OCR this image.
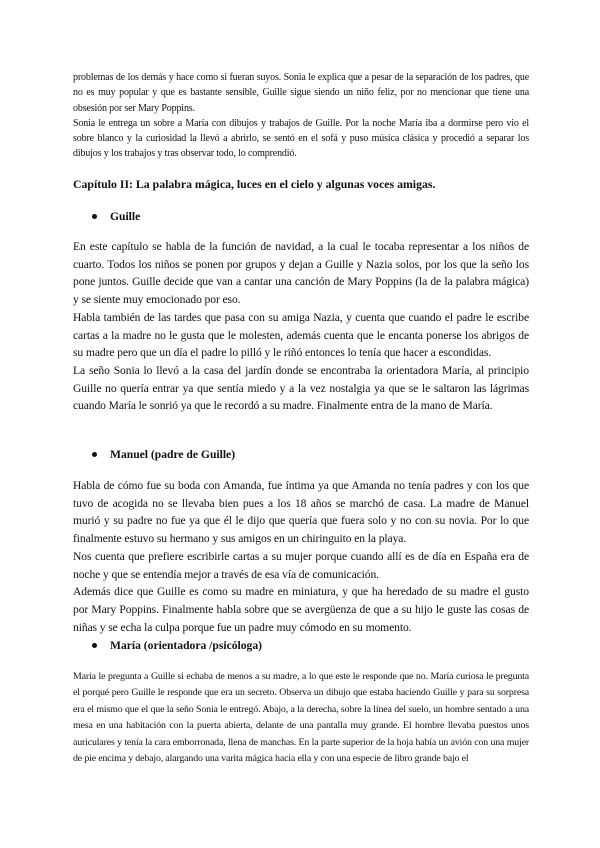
problemas de los demás y hace como si fueran suyos. Sonia le explica que a pesar de la separación de los padres, que no es muy popular y que es bastante sensible, Guille sigue siendo un niño feliz, por no mencionar que tiene una obsesión por ser Mary Poppins.

Sonia le entrega un sobre a María con dibujos y trabajos de Guille. Por la noche María iba a dormirse pero vio el sobre blanco y la curiosidad la llevó a abrirlo, se sentó en el sofá y puso música clásica y procedió a separar los dibujos y los trabajos y tras observar todo, lo comprendió.

Capítulo II: La palabra mágica, luces en el cielo y algunas voces amigas.
Guille

En este capítulo se habla de la función de navidad, a la cual le tocaba representar a los niños de cuarto. Todos los niños se ponen por grupos y dejan a Guille y Nazia solos, por los que la seño los pone juntos. Guille decide que van a cantar una canción de Mary Poppins (la de la palabra mágica) y se siente muy emocionado por eso.

Habla también de las tardes que pasa con su amiga Nazia, y cuenta que cuando el padre le escribe cartas a la madre no le gusta que le molesten, además cuenta que le encanta ponerse los abrigos de su madre pero que un día el padre lo pilló y le riñó entonces lo tenía que hacer a escondidas.

La seño Sonia lo llevó a la casa del jardín donde se encontraba la orientadora María, al principio Guille no quería entrar ya que sentía miedo y a la vez nostalgia ya que se le saltaron las lágrimas cuando María le sonrió ya que le recordó a su madre. Finalmente entra de la mano de María.

Manuel (padre de Guille)

Habla de cómo fue su boda con Amanda, fue íntima ya que Amanda no tenía padres y con los que tuvo de acogida no se llevaba bien pues a los 18 años se marchó de casa. La madre de Manuel murió y su padre no fue ya que él le dijo que quería que fuera solo y no con su novia. Por lo que finalmente estuvo su hermano y sus amigos en un chiringuito en la playa.

Nos cuenta que prefiere escribirle cartas a su mujer porque cuando allí es de día en España era de noche y que se entendía mejor a través de esa vía de comunicación.

Además dice que Guille es como su madre en miniatura, y que ha heredado de su madre el gusto por Mary Poppins. Finalmente habla sobre que se avergüenza de que a su hijo le guste las cosas de niñas y se echa la culpa porque fue un padre muy cómodo en su momento.

María (orientadora /psicóloga)

María le pregunta a Guille si echaba de menos a su madre, a lo que este le responde que no. María curiosa le pregunta el porqué pero Guille le responde que era un secreto. Observa un dibujo que estaba haciendo Guille y para su sorpresa era el mismo que el que la seño Sonia le entregó. Abajo, a la derecha, sobre la línea del suelo, un hombre sentado a una mesa en una habitación con la puerta abierta, delante de una pantalla muy grande. El hombre llevaba puestos unos auriculares y tenía la cara emborronada, llena de manchas. En la parte superior de la hoja había un avión con una mujer de pie encima y debajo, alargando una varita mágica hacia ella y con una especie de libro grande bajo el
